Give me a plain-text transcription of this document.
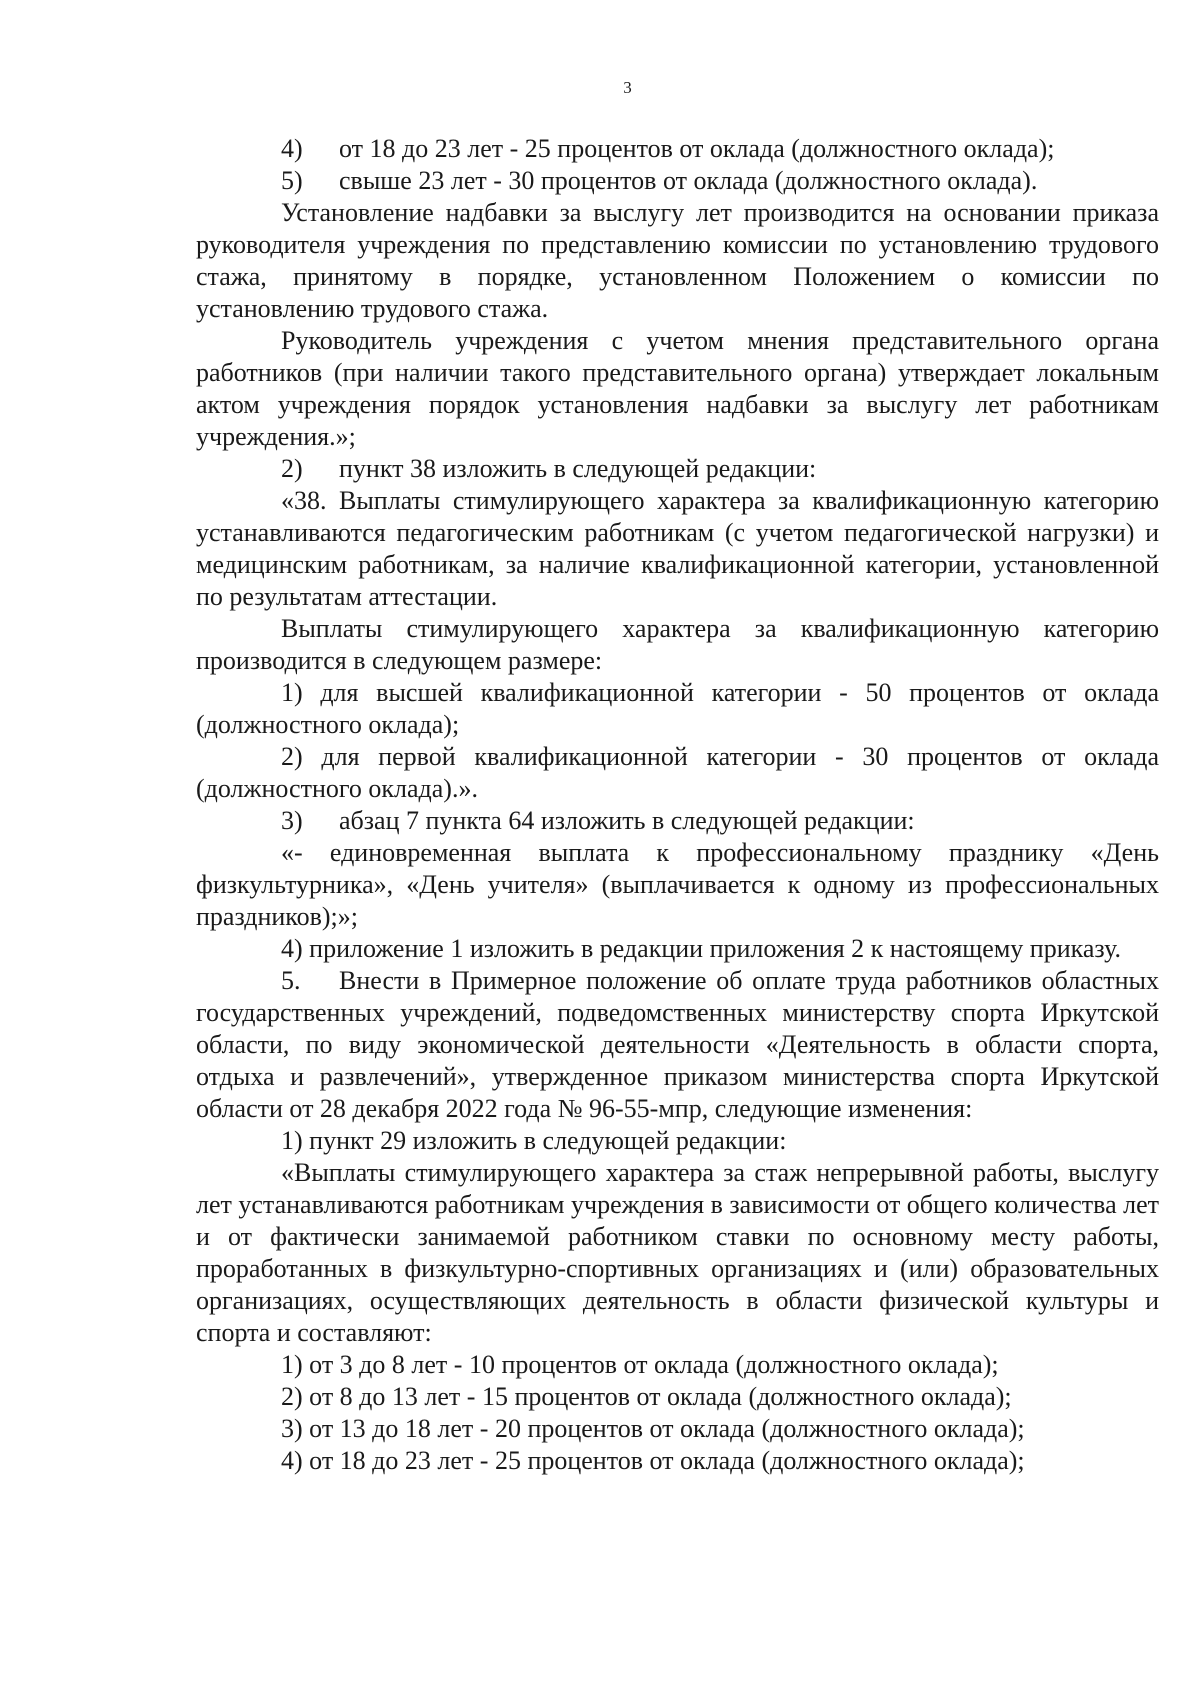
3

4) от 18 до 23 лет - 25 процентов от оклада (должностного оклада);

5) свыше 23 лет - 30 процентов от оклада (должностного оклада).

Установление надбавки за выслугу лет производится на основании приказа руководителя учреждения по представлению комиссии по установлению трудового стажа, принятому в порядке, установленном Положением о комиссии по установлению трудового стажа.

Руководитель учреждения с учетом мнения представительного органа работников (при наличии такого представительного органа) утверждает локальным актом учреждения порядок установления надбавки за выслугу лет работникам учреждения.»;

2) пункт 38 изложить в следующей редакции:

«38. Выплаты стимулирующего характера за квалификационную категорию устанавливаются педагогическим работникам (с учетом педагогической нагрузки) и медицинским работникам, за наличие квалификационной категории, установленной по результатам аттестации.

Выплаты стимулирующего характера за квалификационную категорию производится в следующем размере:

1) для высшей квалификационной категории - 50 процентов от оклада (должностного оклада);

2) для первой квалификационной категории - 30 процентов от оклада (должностного оклада).».

3) абзац 7 пункта 64 изложить в следующей редакции:

«- единовременная выплата к профессиональному празднику «День физкультурника», «День учителя» (выплачивается к одному из профессиональных праздников);»;

4) приложение 1 изложить в редакции приложения 2 к настоящему приказу.

5. Внести в Примерное положение об оплате труда работников областных государственных учреждений, подведомственных министерству спорта Иркутской области, по виду экономической деятельности «Деятельность в области спорта, отдыха и развлечений», утвержденное приказом министерства спорта Иркутской области от 28 декабря 2022 года № 96-55-мпр, следующие изменения:

1) пункт 29 изложить в следующей редакции:

«Выплаты стимулирующего характера за стаж непрерывной работы, выслугу лет устанавливаются работникам учреждения в зависимости от общего количества лет и от фактически занимаемой работником ставки по основному месту работы, проработанных в физкультурно-спортивных организациях и (или) образовательных организациях, осуществляющих деятельность в области физической культуры и спорта и составляют:

1) от 3 до 8 лет - 10 процентов от оклада (должностного оклада);

2) от 8 до 13 лет - 15 процентов от оклада (должностного оклада);

3) от 13 до 18 лет - 20 процентов от оклада (должностного оклада);

4) от 18 до 23 лет - 25 процентов от оклада (должностного оклада);
